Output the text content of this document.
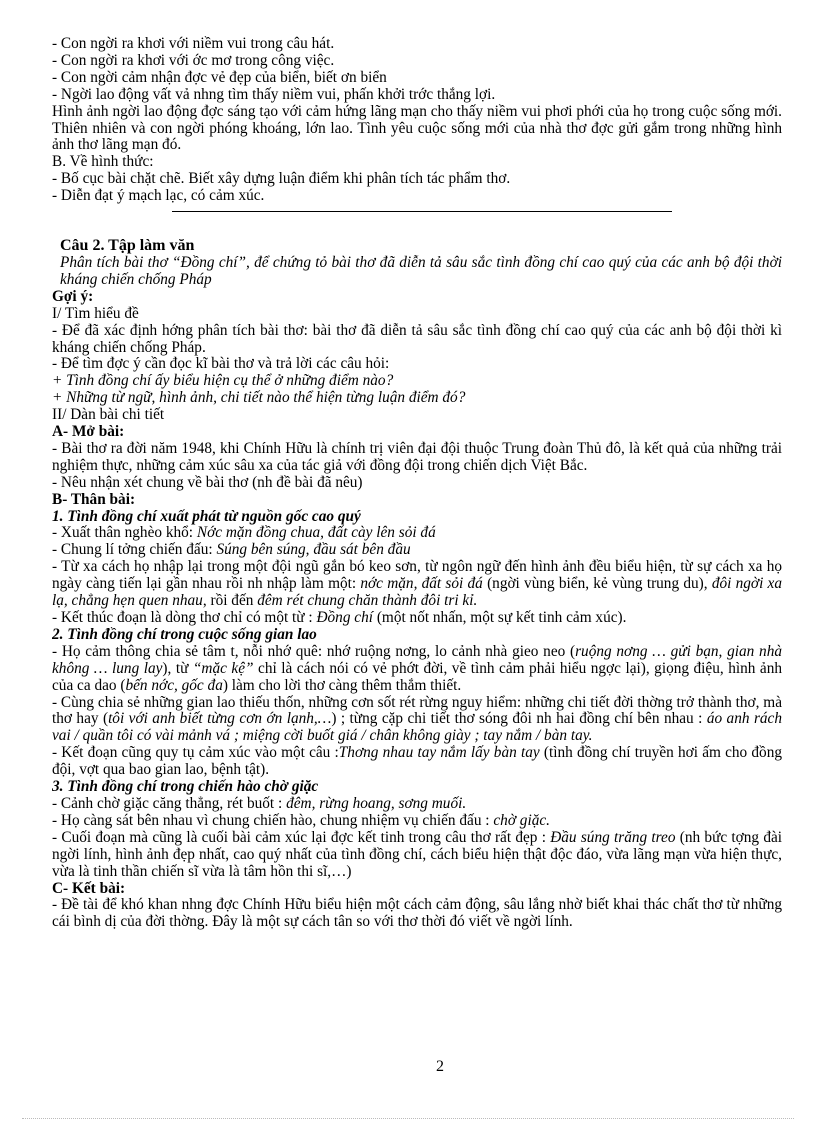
- Con ngời ra khơi với niềm vui trong câu hát.
- Con ngời ra khơi với ớc mơ trong công việc.
- Con ngời cảm nhận đợc vẻ đẹp của biển, biết ơn biển
- Ngời lao động vất vả nhng tìm thấy niềm vui, phấn khởi trớc thắng lợi.
Hình ảnh ngời lao động đợc sáng tạo với cảm hứng lãng mạn cho thấy niềm vui phơi phới của họ trong cuộc sống mới. Thiên nhiên và con ngời phóng khoáng, lớn lao. Tình yêu cuộc sống mới của nhà thơ đợc gửi gắm trong những hình ảnh thơ lãng mạn đó.
B. Về hình thức:
- Bố cục bài chặt chẽ. Biết xây dựng luận điểm khi phân tích tác phẩm thơ.
- Diễn đạt ý mạch lạc, có cảm xúc.
Câu 2. Tập làm văn
Phân tích bài thơ “Đồng chí”, để chứng tỏ bài thơ đã diễn tả sâu sắc tình đồng chí cao quý của các anh bộ đội thời kháng chiến chống Pháp
Gợi ý:
I/ Tìm hiểu đề
- Để đã xác định hớng phân tích bài thơ: bài thơ đã diễn tả sâu sắc tình đồng chí cao quý của các anh bộ đội thời kì kháng chiến chống Pháp.
- Để tìm đợc ý cần đọc kĩ bài thơ và trả lời các câu hỏi:
+ Tình đồng chí ấy biểu hiện cụ thể ở những điểm nào?
+ Những từ ngữ, hình ảnh, chi tiết nào thể hiện từng luận điểm đó?
II/ Dàn bài chi tiết
A- Mở bài:
- Bài thơ ra đời năm 1948, khi Chính Hữu là chính trị viên đại đội thuộc Trung đoàn Thủ đô, là kết quả của những trải nghiệm thực, những cảm xúc sâu xa của tác giả với đồng đội trong chiến dịch Việt Bắc.
- Nêu nhận xét chung về bài thơ (nh đề bài đã nêu)
B- Thân bài:
1. Tình đồng chí xuất phát từ nguồn gốc cao quý
- Xuất thân nghèo khổ: Nớc mặn đồng chua, đất cày lên sỏi đá
- Chung lí tởng chiến đấu: Súng bên súng, đầu sát bên đầu
- Từ xa cách họ nhập lại trong một đội ngũ gắn bó keo sơn, từ ngôn ngữ đến hình ảnh đều biểu hiện, từ sự cách xa họ ngày càng tiến lại gần nhau rồi nh nhập làm một: nớc mặn, đất sỏi đá (ngời vùng biển, kẻ vùng trung du), đôi ngời xa lạ, chẳng hẹn quen nhau, rồi đến đêm rét chung chăn thành đôi tri kỉ.
- Kết thúc đoạn là dòng thơ chỉ có một từ : Đồng chí (một nốt nhấn, một sự kết tinh cảm xúc).
2. Tình đồng chí trong cuộc sống gian lao
- Họ cảm thông chia sẻ tâm t, nỗi nhớ quê: nhớ ruộng nơng, lo cảnh nhà gieo neo (ruộng nơng … gửi bạn, gian nhà không … lung lay), từ “mặc kệ” chỉ là cách nói có vẻ phớt đời, về tình cảm phải hiểu ngợc lại), giọng điệu, hình ảnh của ca dao (bến nớc, gốc đa) làm cho lời thơ càng thêm thắm thiết.
- Cùng chia sẻ những gian lao thiếu thốn, những cơn sốt rét rừng nguy hiểm: những chi tiết đời thờng trở thành thơ, mà thơ hay (tôi với anh biết từng cơn ớn lạnh,…) ; từng cặp chi tiết thơ sóng đôi nh hai đồng chí bên nhau : áo anh rách vai / quần tôi có vài mảnh vá ; miệng cời buốt giá / chân không giày ; tay nắm / bàn tay.
- Kết đoạn cũng quy tụ cảm xúc vào một câu :Thơng nhau tay nắm lấy bàn tay (tình đồng chí truyền hơi ấm cho đồng đội, vợt qua bao gian lao, bệnh tật).
3. Tình đồng chí trong chiến hào chờ giặc
- Cảnh chờ giặc căng thẳng, rét buốt : đêm, rừng hoang, sơng muối.
- Họ càng sát bên nhau vì chung chiến hào, chung nhiệm vụ chiến đấu : chờ giặc.
- Cuối đoạn mà cũng là cuối bài cảm xúc lại đợc kết tinh trong câu thơ rất đẹp : Đầu súng trăng treo (nh bức tợng đài ngời lính, hình ảnh đẹp nhất, cao quý nhất của tình đồng chí, cách biểu hiện thật độc đáo, vừa lãng mạn vừa hiện thực, vừa là tinh thần chiến sĩ vừa là tâm hồn thi sĩ,…)
C- Kết bài:
- Đề tài để khó khan nhng đợc Chính Hữu biểu hiện một cách cảm động, sâu lắng nhờ biết khai thác chất thơ từ những cái bình dị của đời thờng. Đây là một sự cách tân so với thơ thời đó viết về ngời lính.
2
